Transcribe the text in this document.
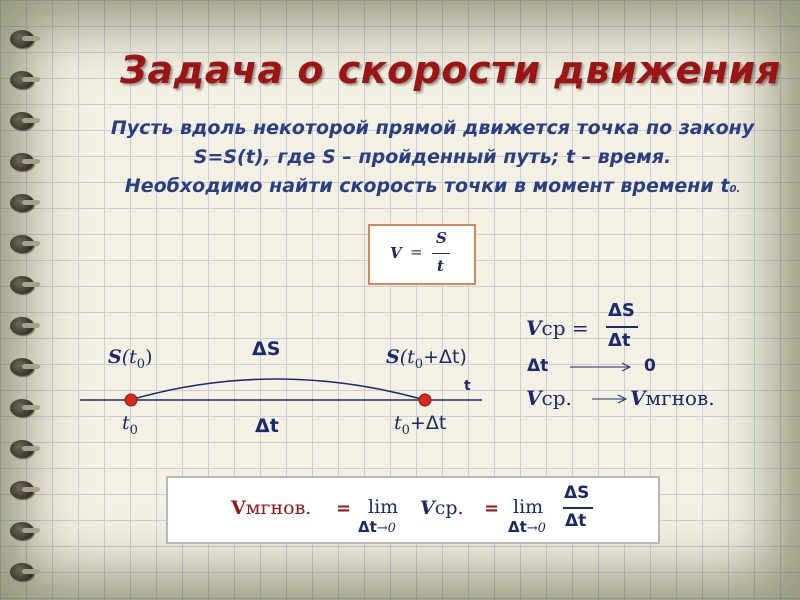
Задача о скорости движения
Пусть вдоль некоторой прямой движется точка по закону
S=S(t), где S – пройденный путь; t – время.
Необходимо найти скорость точки в момент времени t0.
V =
S
t
$S(t_0)$	ΔS	$S(t_0+\Delta t)$
t
$t_0$	Δt	$t_0+\Delta t$
Vср =
ΔS
Δt
Δt	0
Vср.	Vмгнов.
Vмгнов. = lim
Δt→0
Vср. = lim
Δt→0
ΔS
Δt
